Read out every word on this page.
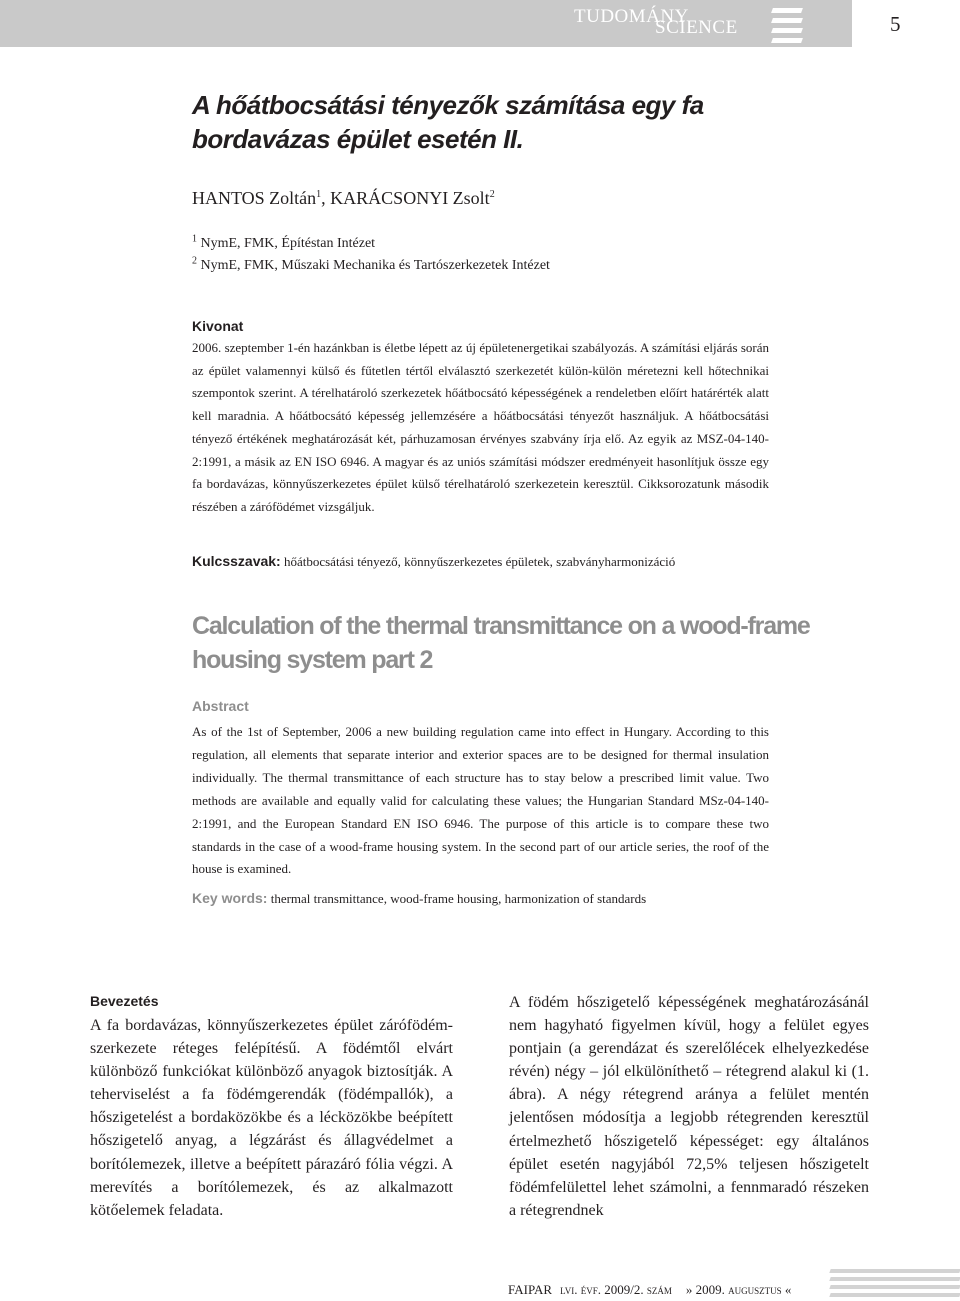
TUDOMÁNY
SCIENCE	5
A hőátbocsátási tényezők számítása egy fa bordavázas épület esetén II.
HANTOS Zoltán$^1$, KARÁCSONYI Zsolt$^2$
$^1$ NymE, FMK, Építéstan Intézet
$^2$ NymE, FMK, Műszaki Mechanika és Tartószerkezetek Intézet
Kivonat
2006. szeptember 1-én hazánkban is életbe lépett az új épületenergetikai szabályozás. A számítási eljárás során az épület valamennyi külső és fűtetlen tértől elválasztó szerkezetét külön-külön méretezni kell hőtechnikai szempontok szerint. A térelhatároló szerkezetek hőátbocsátó képességének a rendeletben előírt határérték alatt kell maradnia. A hőátbocsátó képesség jellemzésére a hőátbocsátási tényezőt használjuk. A hőátbocsátási tényező értékének meghatározását két, párhuzamosan érvényes szabvány írja elő. Az egyik az MSZ-04-140-2:1991, a másik az EN ISO 6946. A magyar és az uniós számítási módszer eredményeit hasonlítjuk össze egy fa bordavázas, könnyűszerkezetes épület külső térelhatároló szerkezetein keresztül. Cikksorozatunk második részében a zárófödémet vizsgáljuk.
Kulcsszavak: hőátbocsátási tényező, könnyűszerkezetes épületek, szabványharmonizáció
Calculation of the thermal transmittance on a wood-frame housing system part 2
Abstract
As of the 1st of September, 2006 a new building regulation came into effect in Hungary. According to this regulation, all elements that separate interior and exterior spaces are to be designed for thermal insulation individually. The thermal transmittance of each structure has to stay below a prescribed limit value. Two methods are available and equally valid for calculating these values; the Hungarian Standard MSz-04-140-2:1991, and the European Standard EN ISO 6946. The purpose of this article is to compare these two standards in the case of a wood-frame housing system. In the second part of our article series, the roof of the house is examined.
Key words: thermal transmittance, wood-frame housing, harmonization of standards
Bevezetés
A fa bordavázas, könnyűszerkezetes épület zárófödém-szerkezete réteges felépítésű. A födémtől elvárt különböző funkciókat különböző anyagok biztosítják. A teherviselést a fa födémgerendák (födémpallók), a hőszigetelést a bordaközökbe és a lécközökbe beépített hőszigetelő anyag, a légzárást és állagvédelmet a borítólemezek, illetve a beépített párazáró fólia végzi. A merevítés a borítólemezek, és az alkalmazott kötőelemek feladata.
A födém hőszigetelő képességének meghatározásánál nem hagyható figyelmen kívül, hogy a felület egyes pontjain (a gerendázat és szerelőlécek elhelyezkedése révén) négy – jól elkülöníthető – rétegrend alakul ki (1. ábra). A négy rétegrend aránya a felület mentén jelentősen módosítja a legjobb rétegrenden keresztül értelmezhető hőszigetelő képességet: egy általános épület esetén nagyjából 72,5% teljesen hőszigetelt födémfelülettel lehet számolni, a fennmaradó részeken a rétegrendnek
FAIPAR lvi. évf. 2009/2. szám » 2009. augusztus «
